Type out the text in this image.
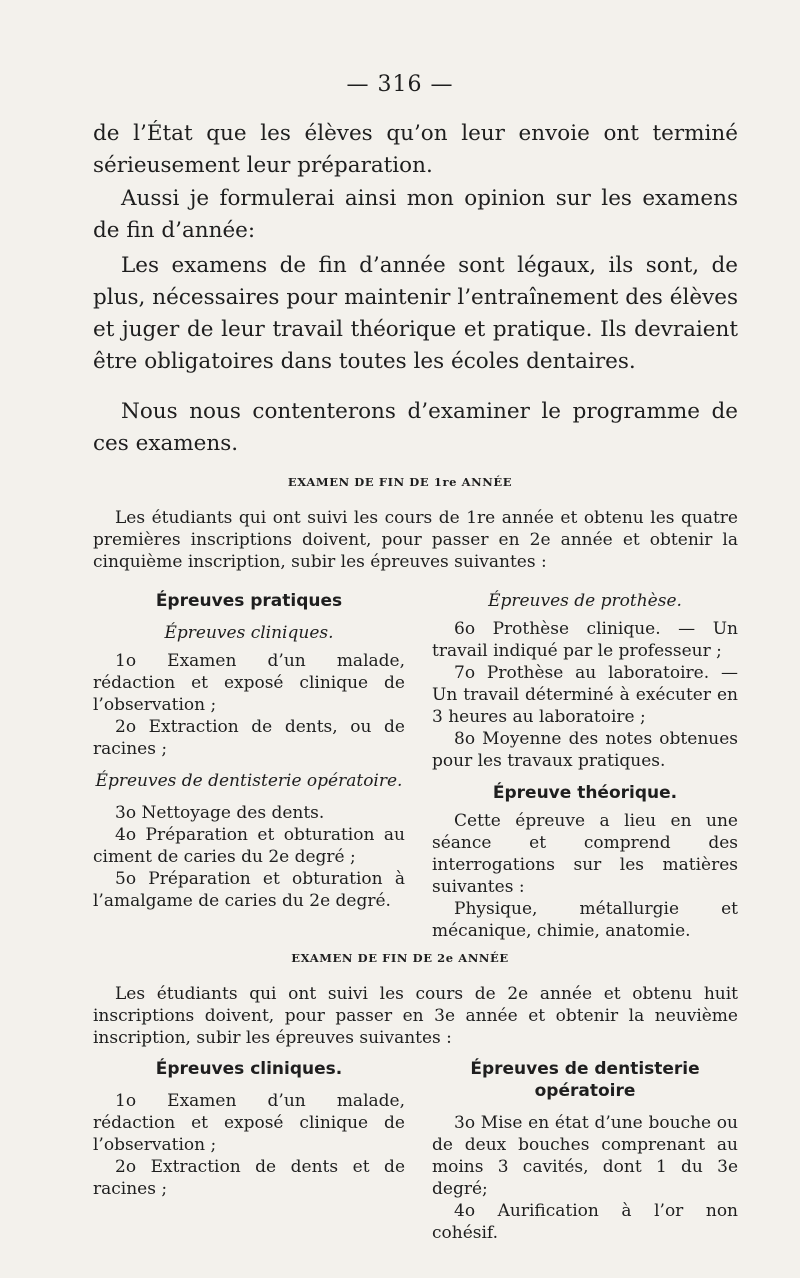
— 316 —

de l’État que les élèves qu’on leur envoie ont terminé sérieusement leur préparation.

Aussi je formulerai ainsi mon opinion sur les examens de fin d’année:

Les examens de fin d’année sont légaux, ils sont, de plus, nécessaires pour maintenir l’entraînement des élèves et juger de leur travail théorique et pratique. Ils devraient être obligatoires dans toutes les écoles dentaires.

Nous nous contenterons d’examiner le programme de ces examens.

EXAMEN DE FIN DE 1re ANNÉE
Les étudiants qui ont suivi les cours de 1re année et obtenu les quatre premières inscriptions doivent, pour passer en 2e année et obtenir la cinquième inscription, subir les épreuves suivantes :

Épreuves pratiques

Épreuves cliniques.

1o Examen d’un malade, rédaction et exposé clinique de l’observation ;

2o Extraction de dents, ou de racines ;

Épreuves de dentisterie opératoire.

3o Nettoyage des dents.

4o Préparation et obturation au ciment de caries du 2e degré ;

5o Préparation et obturation à l’amalgame de caries du 2e degré.

Épreuves de prothèse.

6o Prothèse clinique. — Un travail indiqué par le professeur ;

7o Prothèse au laboratoire. — Un travail déterminé à exécuter en 3 heures au laboratoire ;

8o Moyenne des notes obtenues pour les travaux pratiques.

Épreuve théorique.

Cette épreuve a lieu en une séance et comprend des interrogations sur les matières suivantes :

Physique, métallurgie et mécanique, chimie, anatomie.

EXAMEN DE FIN DE 2e ANNÉE
Les étudiants qui ont suivi les cours de 2e année et obtenu huit inscriptions doivent, pour passer en 3e année et obtenir la neuvième inscription, subir les épreuves suivantes :

Épreuves cliniques.

1o Examen d’un malade, rédaction et exposé clinique de l’observation ;

2o Extraction de dents et de racines ;

Épreuves de dentisterie opératoire

3o Mise en état d’une bouche ou de deux bouches comprenant au moins 3 cavités, dont 1 du 3e degré;

4o Aurification à l’or non cohésif.
